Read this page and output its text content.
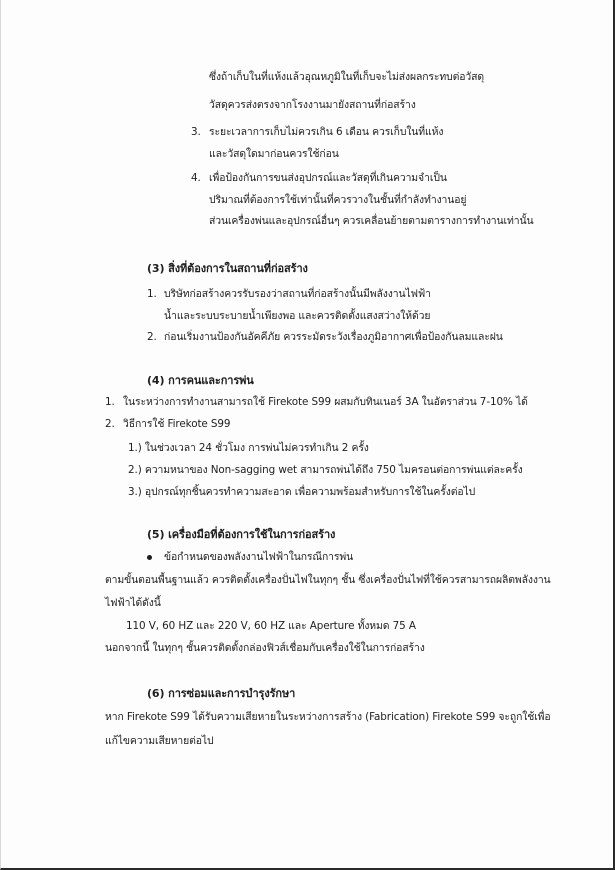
ซึ่งถ้าเก็บในที่แห้งแล้วอุณหภูมิในที่เก็บจะไม่ส่งผลกระทบต่อวัสดุ
วัสดุควรส่งตรงจากโรงงานมายังสถานที่ก่อสร้าง
3. ระยะเวลาการเก็บไม่ควรเกิน 6 เดือน ควรเก็บในที่แห้ง
และวัสดุใดมาก่อนควรใช้ก่อน
4. เพื่อป้องกันการขนส่งอุปกรณ์และวัสดุที่เกินความจำเป็น
ปริมาณที่ต้องการใช้เท่านั้นที่ควรวางในชั้นที่กำลังทำงานอยู่
ส่วนเครื่องพ่นและอุปกรณ์อื่นๆ ควรเคลื่อนย้ายตามตารางการทำงานเท่านั้น
(3) สิ่งที่ต้องการในสถานที่ก่อสร้าง
1. บริษัทก่อสร้างควรรับรองว่าสถานที่ก่อสร้างนั้นมีพลังงานไฟฟ้า
น้ำและระบบระบายน้ำเพียงพอ และควรติดตั้งแสงสว่างให้ด้วย
2. ก่อนเริ่มงานป้องกันอัคคีภัย ควรระมัดระวังเรื่องภูมิอากาศเพื่อป้องกันลมและฝน
(4) การคนและการพ่น
1. ในระหว่างการทำงานสามารถใช้ Firekote S99 ผสมกับทินเนอร์ 3A ในอัตราส่วน 7-10% ได้
2. วิธีการใช้ Firekote S99
1.) ในช่วงเวลา 24 ชั่วโมง การพ่นไม่ควรทำเกิน 2 ครั้ง
2.) ความหนาของ Non-sagging wet สามารถพ่นได้ถึง 750 ไมครอนต่อการพ่นแต่ละครั้ง
3.) อุปกรณ์ทุกชิ้นควรทำความสะอาด เพื่อความพร้อมสำหรับการใช้ในครั้งต่อไป
(5) เครื่องมือที่ต้องการใช้ในการก่อสร้าง
ข้อกำหนดของพลังงานไฟฟ้าในกรณีการพ่น
ตามขั้นตอนพื้นฐานแล้ว ควรติดตั้งเครื่องปั่นไฟในทุกๆ ชั้น ซึ่งเครื่องปั่นไฟที่ใช้ควรสามารถผลิตพลังงาน
ไฟฟ้าได้ดังนี้
110 V, 60 HZ และ 220 V, 60 HZ และ Aperture ทั้งหมด 75 A
นอกจากนี้ ในทุกๆ ชั้นควรติดตั้งกล่องฟิวส์เชื่อมกับเครื่องใช้ในการก่อสร้าง
(6) การซ่อมและการบำรุงรักษา
หาก Firekote S99 ได้รับความเสียหายในระหว่างการสร้าง (Fabrication) Firekote S99 จะถูกใช้เพื่อ
แก้ไขความเสียหายต่อไป
